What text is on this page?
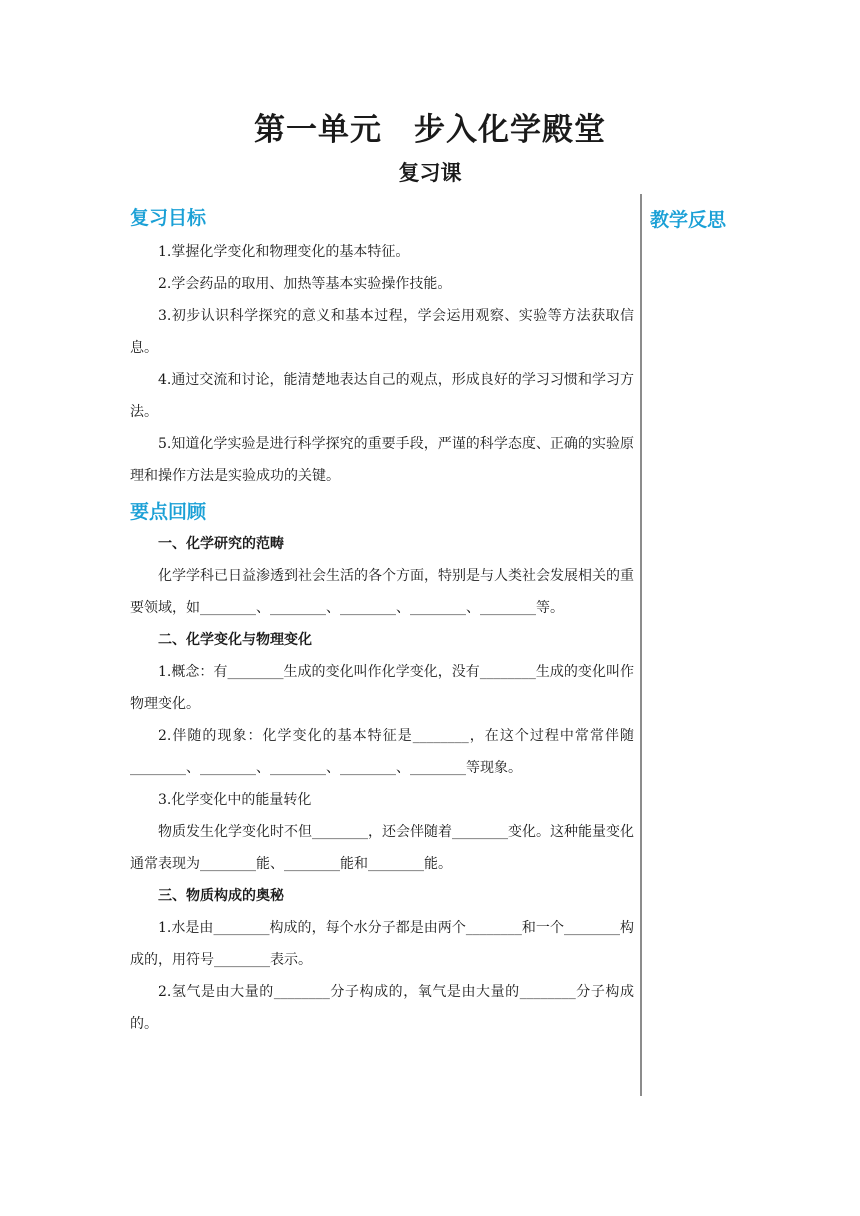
第一单元　步入化学殿堂
复习课
教学反思
复习目标

1.掌握化学变化和物理变化的基本特征。

2.学会药品的取用、加热等基本实验操作技能。

3.初步认识科学探究的意义和基本过程，学会运用观察、实验等方法获取信息。

4.通过交流和讨论，能清楚地表达自己的观点，形成良好的学习习惯和学习方法。

5.知道化学实验是进行科学探究的重要手段，严谨的科学态度、正确的实验原理和操作方法是实验成功的关键。

要点回顾

一、化学研究的范畴

化学学科已日益渗透到社会生活的各个方面，特别是与人类社会发展相关的重要领域，如________、________、________、________、________等。

二、化学变化与物理变化

1.概念：有________生成的变化叫作化学变化，没有________生成的变化叫作物理变化。

2.伴随的现象：化学变化的基本特征是________，在这个过程中常常伴随________、________、________、________、________等现象。

3.化学变化中的能量转化

物质发生化学变化时不但________，还会伴随着________变化。这种能量变化通常表现为________能、________能和________能。

三、物质构成的奥秘

1.水是由________构成的，每个水分子都是由两个________和一个________构成的，用符号________表示。

2.氢气是由大量的________分子构成的，氧气是由大量的________分子构成的。
